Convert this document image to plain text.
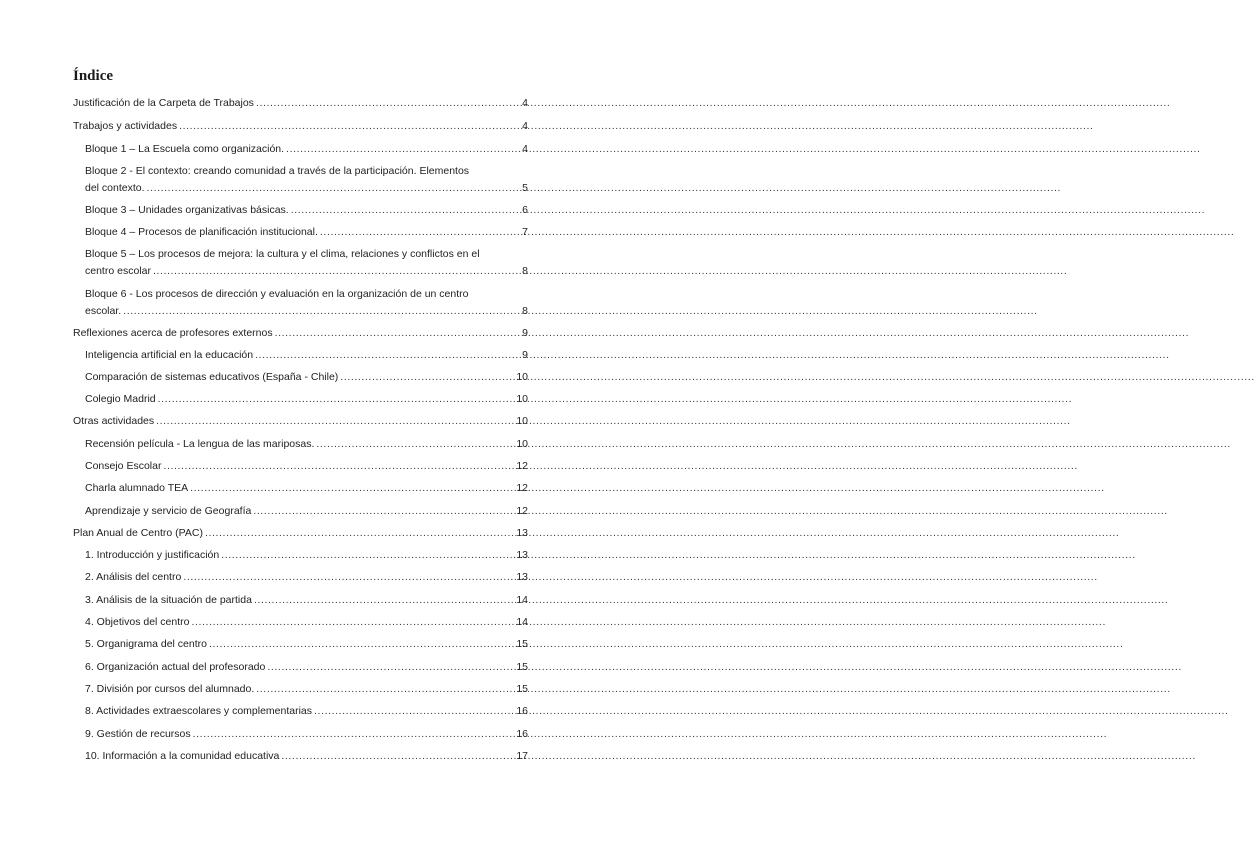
Índice
Justificación de la Carpeta de Trabajos .....	4
Trabajos y actividades .....	4
Bloque 1 – La Escuela como organización. .....	4
Bloque 2 - El contexto: creando comunidad a través de la participación. Elementos
del contexto. .....	5
Bloque 3 – Unidades organizativas básicas. .....	6
Bloque 4 – Procesos de planificación institucional. .....	7
Bloque 5 – Los procesos de mejora: la cultura y el clima, relaciones y conflictos en el
centro escolar .....	8
Bloque 6 - Los procesos de dirección y evaluación en la organización de un centro
escolar. .....	8
Reflexiones acerca de profesores externos .....	9
Inteligencia artificial en la educación .....	9
Comparación de sistemas educativos (España - Chile) .....	10
Colegio Madrid .....	10
Otras actividades .....	10
Recensión película - La lengua de las mariposas. .....	10
Consejo Escolar .....	12
Charla alumnado TEA .....	12
Aprendizaje y servicio de Geografía .....	12
Plan Anual de Centro (PAC) .....	13
1. Introducción y justificación .....	13
2. Análisis del centro .....	13
3. Análisis de la situación de partida .....	14
4. Objetivos del centro .....	14
5. Organigrama del centro .....	15
6. Organización actual del profesorado .....	15
7. División por cursos del alumnado. .....	15
8. Actividades extraescolares y complementarias .....	16
9. Gestión de recursos .....	16
10. Información a la comunidad educativa .....	17
